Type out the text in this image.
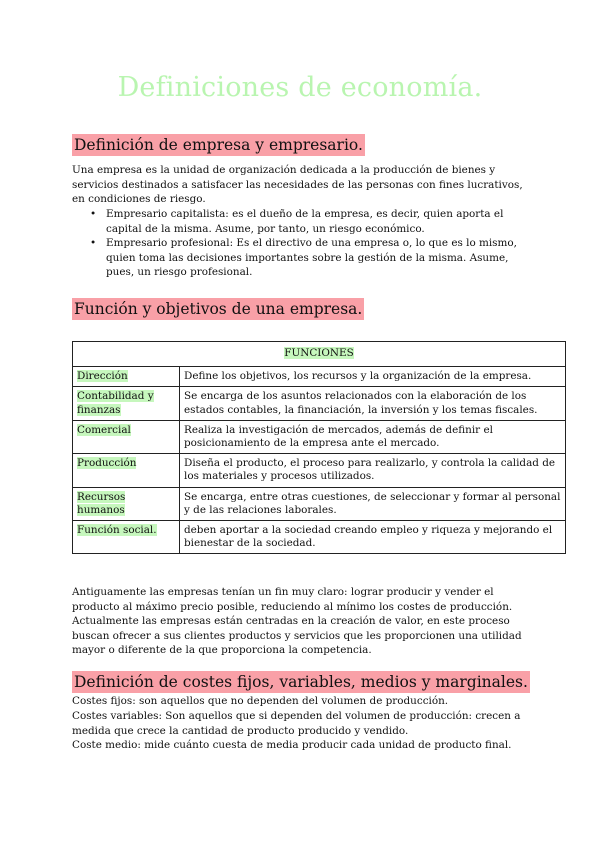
Definiciones de economía.
Definición de empresa y empresario.
Una empresa es la unidad de organización dedicada a la producción de bienes y servicios destinados a satisfacer las necesidades de las personas con fines lucrativos, en condiciones de riesgo.
• Empresario capitalista: es el dueño de la empresa, es decir, quien aporta el capital de la misma. Asume, por tanto, un riesgo económico.
• Empresario profesional: Es el directivo de una empresa o, lo que es lo mismo, quien toma las decisiones importantes sobre la gestión de la misma. Asume, pues, un riesgo profesional.
Función y objetivos de una empresa.
FUNCIONES	
Dirección	Define los objetivos, los recursos y la organización de la empresa.
Contabilidad y finanzas	Se encarga de los asuntos relacionados con la elaboración de los estados contables, la financiación, la inversión y los temas fiscales.
Comercial	Realiza la investigación de mercados, además de definir el posicionamiento de la empresa ante el mercado.
Producción	Diseña el producto, el proceso para realizarlo, y controla la calidad de los materiales y procesos utilizados.
Recursos humanos	Se encarga, entre otras cuestiones, de seleccionar y formar al personal y de las relaciones laborales.
Función social.	deben aportar a la sociedad creando empleo y riqueza y mejorando el bienestar de la sociedad.
Antiguamente las empresas tenían un fin muy claro: lograr producir y vender el producto al máximo precio posible, reduciendo al mínimo los costes de producción.
Actualmente las empresas están centradas en la creación de valor, en este proceso buscan ofrecer a sus clientes productos y servicios que les proporcionen una utilidad mayor o diferente de la que proporciona la competencia.
Definición de costes fijos, variables, medios y marginales.
Costes fijos: son aquellos que no dependen del volumen de producción.
Costes variables: Son aquellos que si dependen del volumen de producción: crecen a medida que crece la cantidad de producto producido y vendido.
Coste medio: mide cuánto cuesta de media producir cada unidad de producto final.
